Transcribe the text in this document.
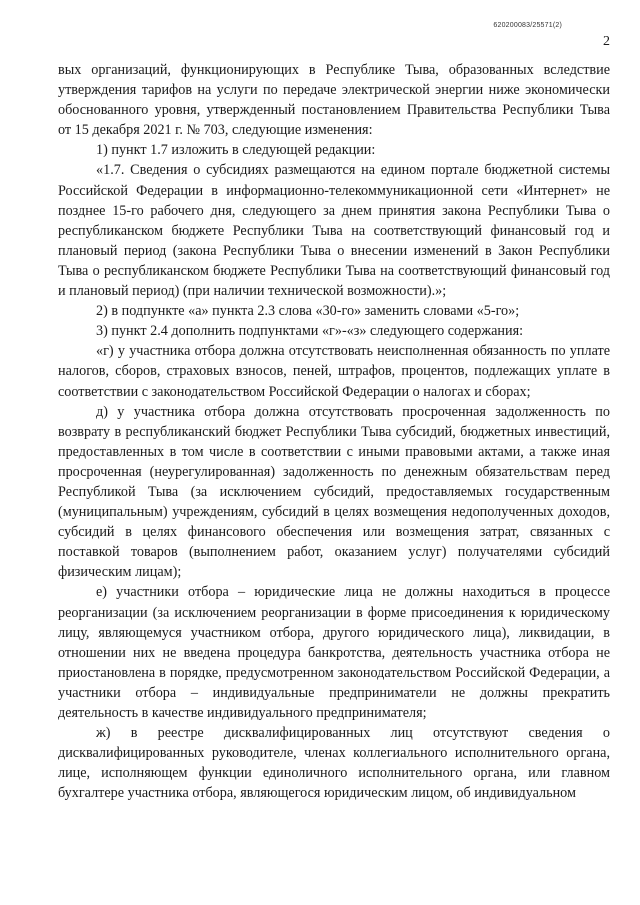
620200083/25571(2)
2

вых организаций, функционирующих в Республике Тыва, образованных вследствие утверждения тарифов на услуги по передаче электрической энергии ниже экономически обоснованного уровня, утвержденный постановлением Правительства Республики Тыва от 15 декабря 2021 г. № 703, следующие изменения:

1) пункт 1.7 изложить в следующей редакции:

«1.7. Сведения о субсидиях размещаются на едином портале бюджетной системы Российской Федерации в информационно-телекоммуникационной сети «Интернет» не позднее 15-го рабочего дня, следующего за днем принятия закона Республики Тыва о республиканском бюджете Республики Тыва на соответствующий финансовый год и плановый период (закона Республики Тыва о внесении изменений в Закон Республики Тыва о республиканском бюджете Республики Тыва на соответствующий финансовый год и плановый период) (при наличии технической возможности).»;

2) в подпункте «а» пункта 2.3 слова «30-го» заменить словами «5-го»;

3) пункт 2.4 дополнить подпунктами «г»-«з» следующего содержания:

«г) у участника отбора должна отсутствовать неисполненная обязанность по уплате налогов, сборов, страховых взносов, пеней, штрафов, процентов, подлежащих уплате в соответствии с законодательством Российской Федерации о налогах и сборах;

д) у участника отбора должна отсутствовать просроченная задолженность по возврату в республиканский бюджет Республики Тыва субсидий, бюджетных инвестиций, предоставленных в том числе в соответствии с иными правовыми актами, а также иная просроченная (неурегулированная) задолженность по денежным обязательствам перед Республикой Тыва (за исключением субсидий, предоставляемых государственным (муниципальным) учреждениям, субсидий в целях возмещения недополученных доходов, субсидий в целях финансового обеспечения или возмещения затрат, связанных с поставкой товаров (выполнением работ, оказанием услуг) получателями субсидий физическим лицам);

е) участники отбора – юридические лица не должны находиться в процессе реорганизации (за исключением реорганизации в форме присоединения к юридическому лицу, являющемуся участником отбора, другого юридического лица), ликвидации, в отношении них не введена процедура банкротства, деятельность участника отбора не приостановлена в порядке, предусмотренном законодательством Российской Федерации, а участники отбора – индивидуальные предприниматели не должны прекратить деятельность в качестве индивидуального предпринимателя;

ж) в реестре дисквалифицированных лиц отсутствуют сведения о дисквалифицированных руководителе, членах коллегиального исполнительного органа, лице, исполняющем функции единоличного исполнительного органа, или главном бухгалтере участника отбора, являющегося юридическим лицом, об индивидуальном
